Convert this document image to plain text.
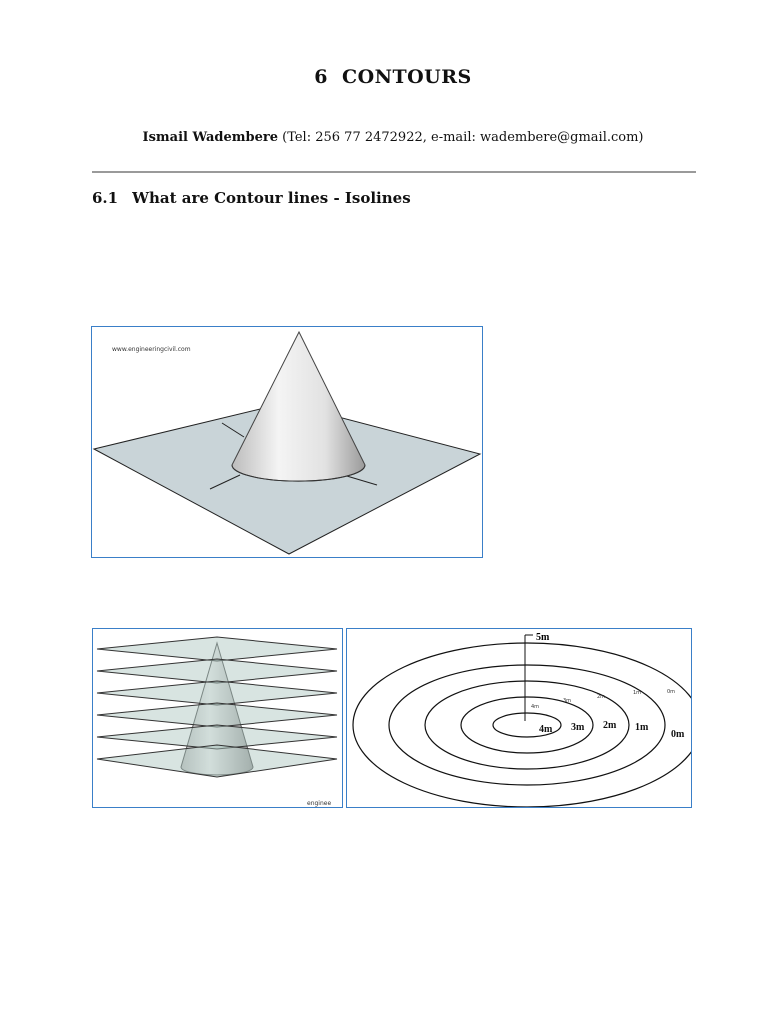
6 CONTOURS
Ismail Wadembere (Tel: 256 77 2472922, e-mail: wadembere@gmail.com)
6.1 What are Contour lines - Isolines
www.engineeringcivil.com
enginee
5m
4m 3m 2m 1m
0m
4m
3m
2m
1m	0m
